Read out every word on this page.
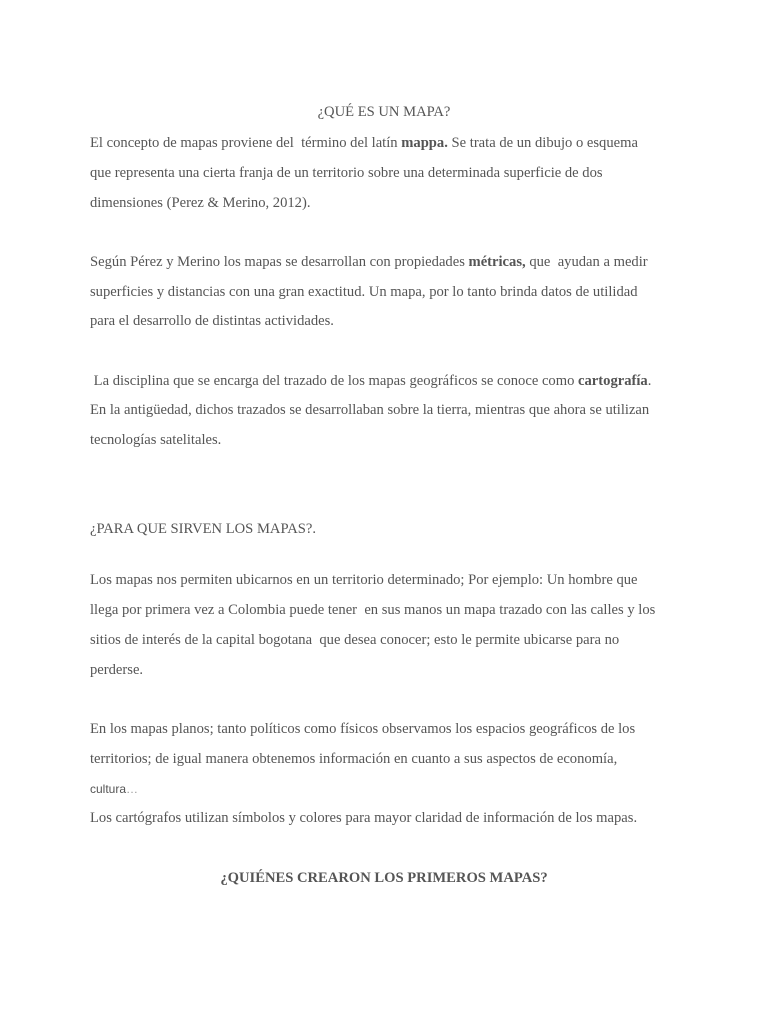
¿QUÉ ES UN MAPA?
El concepto de mapas proviene del  término del latín mappa. Se trata de un dibujo o esquema
que representa una cierta franja de un territorio sobre una determinada superficie de dos
dimensiones (Perez & Merino, 2012).
Según Pérez y Merino los mapas se desarrollan con propiedades métricas, que  ayudan a medir
superficies y distancias con una gran exactitud. Un mapa, por lo tanto brinda datos de utilidad
para el desarrollo de distintas actividades.
La disciplina que se encarga del trazado de los mapas geográficos se conoce como cartografía.
En la antigüedad, dichos trazados se desarrollaban sobre la tierra, mientras que ahora se utilizan
tecnologías satelitales.
¿PARA QUE SIRVEN LOS MAPAS?.
Los mapas nos permiten ubicarnos en un territorio determinado; Por ejemplo: Un hombre que
llega por primera vez a Colombia puede tener  en sus manos un mapa trazado con las calles y los
sitios de interés de la capital bogotana  que desea conocer; esto le permite ubicarse para no
perderse.
En los mapas planos; tanto políticos como físicos observamos los espacios geográficos de los
territorios; de igual manera obtenemos información en cuanto a sus aspectos de economía,
cultura…
Los cartógrafos utilizan símbolos y colores para mayor claridad de información de los mapas.
¿QUIÉNES CREARON LOS PRIMEROS MAPAS?
